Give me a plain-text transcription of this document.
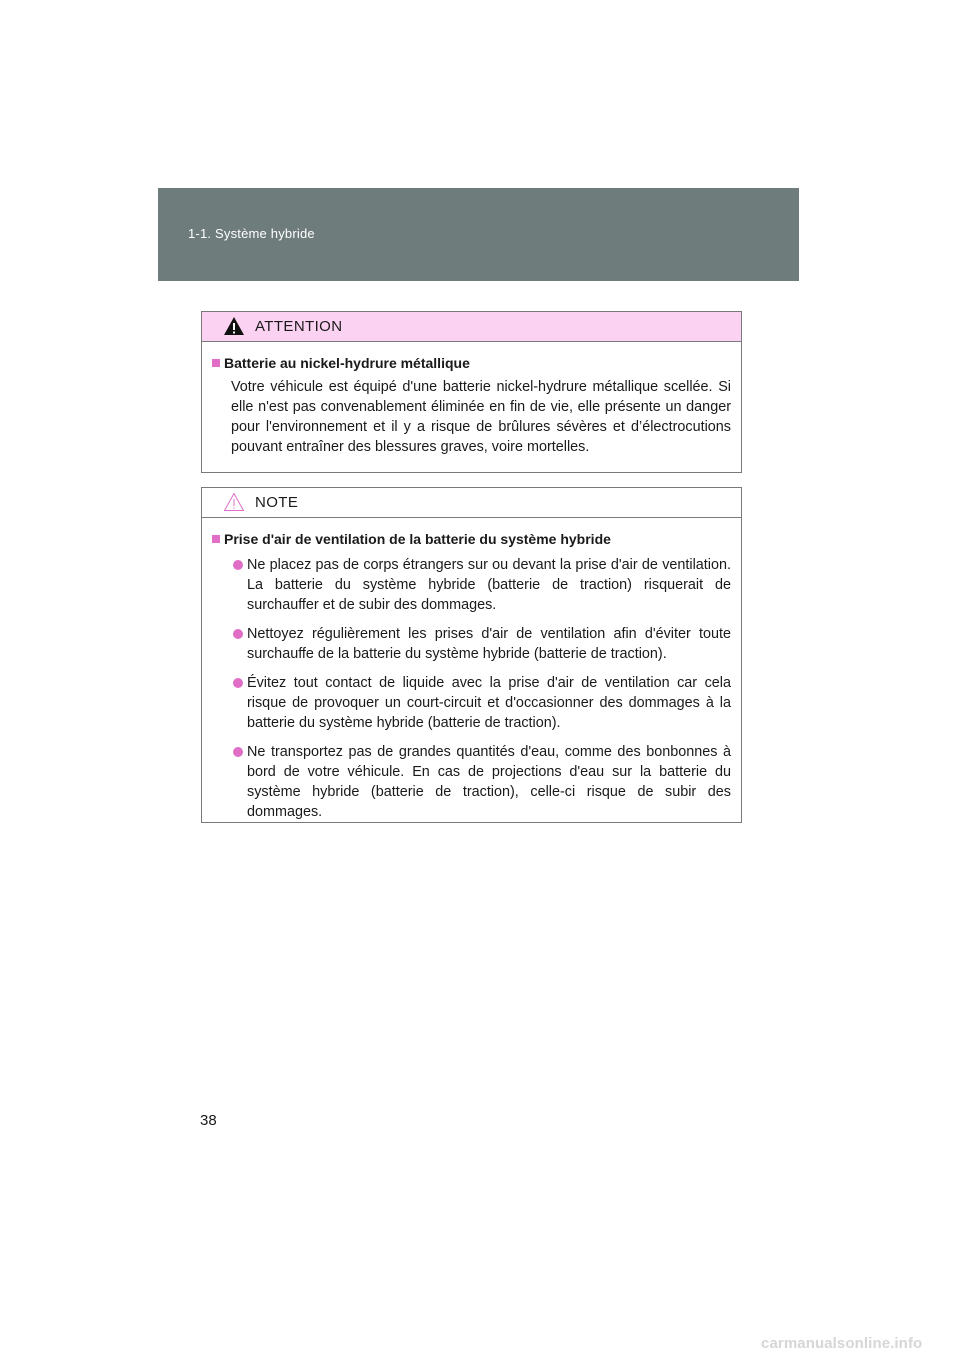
1-1. Système hybride
ATTENTION

Batterie au nickel-hydrure métallique

Votre véhicule est équipé d'une batterie nickel-hydrure métallique scellée. Si elle n'est pas convenablement éliminée en fin de vie, elle présente un danger pour l'environnement et il y a risque de brûlures sévères et d’électrocutions pouvant entraîner des blessures graves, voire mortelles.

NOTE

Prise d'air de ventilation de la batterie du système hybride

Ne placez pas de corps étrangers sur ou devant la prise d'air de ventilation. La batterie du système hybride (batterie de traction) risquerait de surchauffer et de subir des dommages.
Nettoyez régulièrement les prises d'air de ventilation afin d'éviter toute surchauffe de la batterie du système hybride (batterie de traction).
Évitez tout contact de liquide avec la prise d'air de ventilation car cela risque de provoquer un court-circuit et d'occasionner des dommages à la batterie du système hybride (batterie de traction).
Ne transportez pas de grandes quantités d'eau, comme des bonbonnes à bord de votre véhicule. En cas de projections d'eau sur la batterie du système hybride (batterie de traction), celle-ci risque de subir des dommages.
38
carmanualsonline.info
